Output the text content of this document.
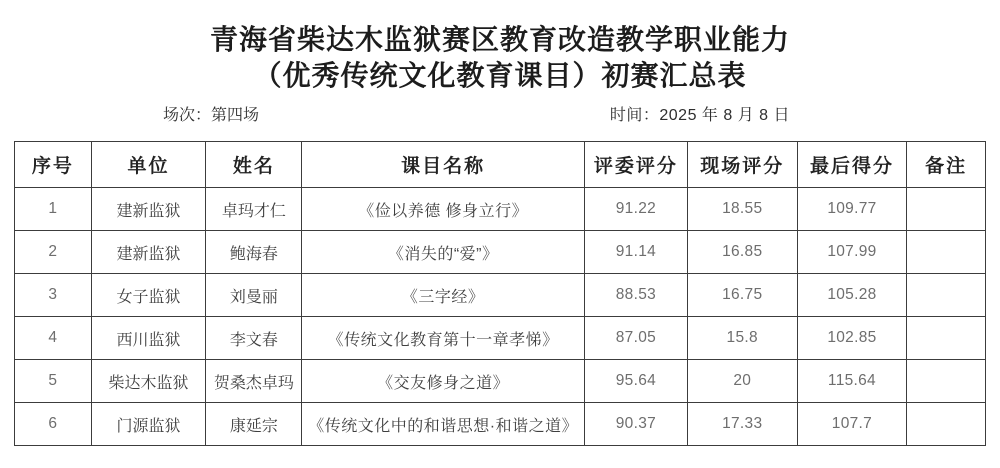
青海省柴达木监狱赛区教育改造教学职业能力
（优秀传统文化教育课目）初赛汇总表
场次：第四场	时间：2025 年 8 月 8 日
序号	单位	姓名	课目名称	评委评分	现场评分	最后得分	备注
1	建新监狱	卓玛才仁	《俭以养德 修身立行》	91.22	18.55	109.77	
2	建新监狱	鲍海春	《消失的“爱”》	91.14	16.85	107.99	
3	女子监狱	刘曼丽	《三字经》	88.53	16.75	105.28	
4	西川监狱	李文春	《传统文化教育第十一章孝悌》	87.05	15.8	102.85	
5	柴达木监狱	贺桑杰卓玛	《交友修身之道》	95.64	20	115.64	
6	门源监狱	康延宗	《传统文化中的和谐思想·和谐之道》	90.37	17.33	107.7	
